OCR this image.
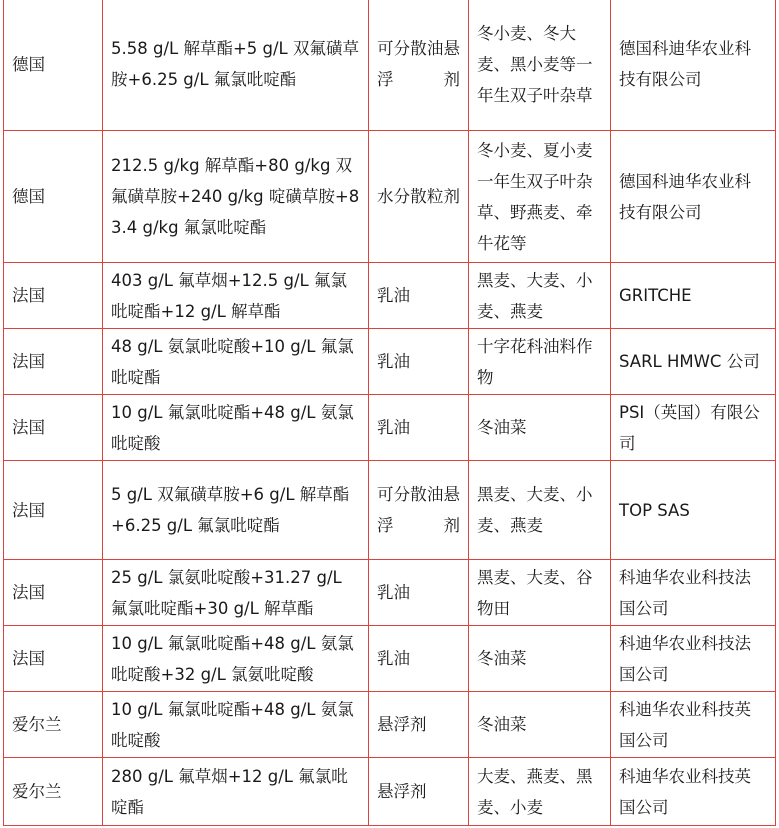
德国	5.58 g/L 解草酯+5 g/L 双氟磺草胺+6.25 g/L 氟氯吡啶酯	可分散油悬浮剂	冬小麦、冬大麦、黑小麦等一年生双子叶杂草	德国科迪华农业科技有限公司
德国	212.5 g/kg 解草酯+80 g/kg 双氟磺草胺+240 g/kg 啶磺草胺+83.4 g/kg 氟氯吡啶酯	水分散粒剂	冬小麦、夏小麦一年生双子叶杂草、野燕麦、牵牛花等	德国科迪华农业科技有限公司
法国	403 g/L 氟草烟+12.5 g/L 氟氯吡啶酯+12 g/L 解草酯	乳油	黑麦、大麦、小麦、燕麦	GRITCHE
法国	48 g/L 氨氯吡啶酸+10 g/L 氟氯吡啶酯	乳油	十字花科油料作物	SARL HMWC 公司
法国	10 g/L 氟氯吡啶酯+48 g/L 氨氯吡啶酸	乳油	冬油菜	PSI（英国）有限公司
法国	5 g/L 双氟磺草胺+6 g/L 解草酯+6.25 g/L 氟氯吡啶酯	可分散油悬浮剂	黑麦、大麦、小麦、燕麦	TOP SAS
法国	25 g/L 氯氨吡啶酸+31.27 g/L 氟氯吡啶酯+30 g/L 解草酯	乳油	黑麦、大麦、谷物田	科迪华农业科技法国公司
法国	10 g/L 氟氯吡啶酯+48 g/L 氨氯吡啶酸+32 g/L 氯氨吡啶酸	乳油	冬油菜	科迪华农业科技法国公司
爱尔兰	10 g/L 氟氯吡啶酯+48 g/L 氨氯吡啶酸	悬浮剂	冬油菜	科迪华农业科技英国公司
爱尔兰	280 g/L 氟草烟+12 g/L 氟氯吡啶酯	悬浮剂	大麦、燕麦、黑麦、小麦	科迪华农业科技英国公司
